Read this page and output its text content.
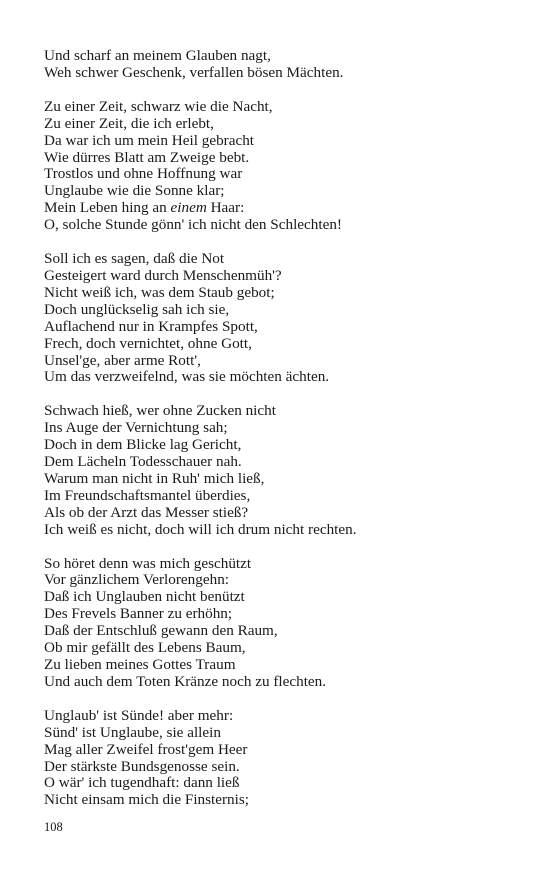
Und scharf an meinem Glauben nagt,
Weh schwer Geschenk, verfallen bösen Mächten.
Zu einer Zeit, schwarz wie die Nacht,
Zu einer Zeit, die ich erlebt,
Da war ich um mein Heil gebracht
Wie dürres Blatt am Zweige bebt.
Trostlos und ohne Hoffnung war
Unglaube wie die Sonne klar;
Mein Leben hing an einem Haar:
O, solche Stunde gönn' ich nicht den Schlechten!
Soll ich es sagen, daß die Not
Gesteigert ward durch Menschenmüh'?
Nicht weiß ich, was dem Staub gebot;
Doch unglückselig sah ich sie,
Auflachend nur in Krampfes Spott,
Frech, doch vernichtet, ohne Gott,
Unsel'ge, aber arme Rott',
Um das verzweifelnd, was sie möchten ächten.
Schwach hieß, wer ohne Zucken nicht
Ins Auge der Vernichtung sah;
Doch in dem Blicke lag Gericht,
Dem Lächeln Todesschauer nah.
Warum man nicht in Ruh' mich ließ,
Im Freundschaftsmantel überdies,
Als ob der Arzt das Messer stieß?
Ich weiß es nicht, doch will ich drum nicht rechten.
So höret denn was mich geschützt
Vor gänzlichem Verlorengehn:
Daß ich Unglauben nicht benützt
Des Frevels Banner zu erhöhn;
Daß der Entschluß gewann den Raum,
Ob mir gefällt des Lebens Baum,
Zu lieben meines Gottes Traum
Und auch dem Toten Kränze noch zu flechten.
Unglaub' ist Sünde! aber mehr:
Sünd' ist Unglaube, sie allein
Mag aller Zweifel frost'gem Heer
Der stärkste Bundsgenosse sein.
O wär' ich tugendhaft: dann ließ
Nicht einsam mich die Finsternis;
108
